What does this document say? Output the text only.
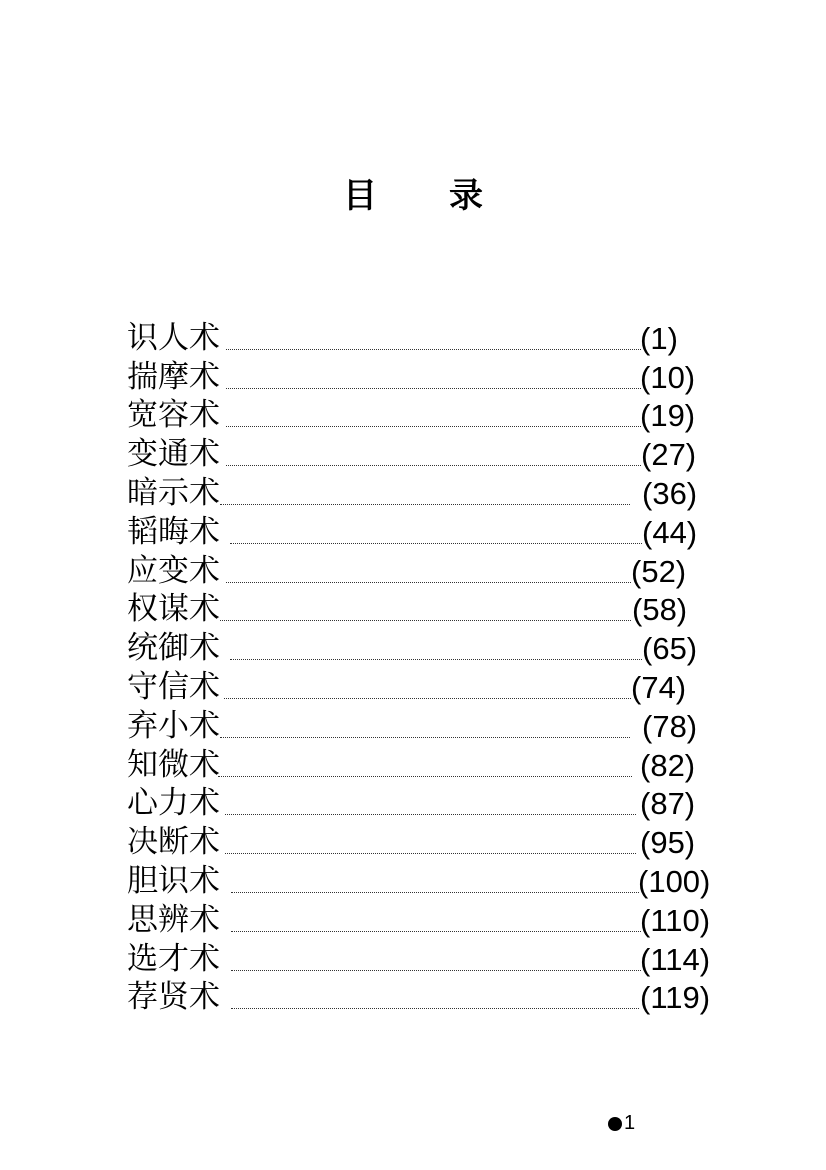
目 录
识人术	(1)
揣摩术	(10)
宽容术	(19)
变通术	(27)
暗示术	(36)
韬晦术	(44)
应变术	(52)
权谋术	(58)
统御术	(65)
守信术	(74)
弃小术	(78)
知微术	(82)
心力术	(87)
决断术	(95)
胆识术	(100)
思辨术	(110)
选才术	(114)
荐贤术	(119)
1
